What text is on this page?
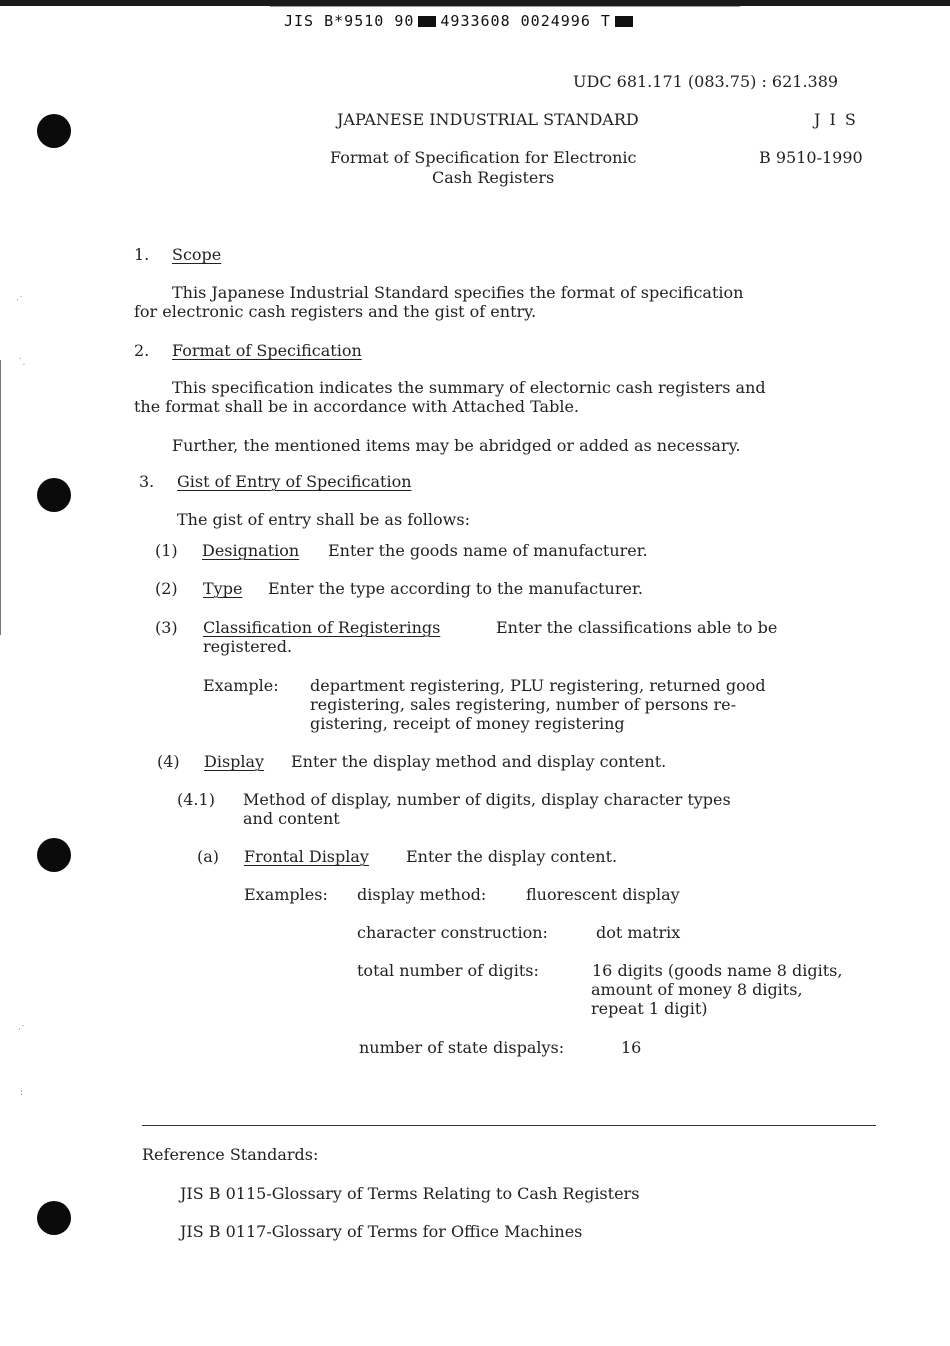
·˙
˙.
·˙
:
JIS B*9510 90 4933608 0024996 T
UDC 681.171 (083.75) : 621.389
JAPANESE INDUSTRIAL STANDARD	J I S
Format of Specification for Electronic
Cash Registers
B 9510-1990
1. Scope
This Japanese Industrial Standard specifies the format of specification
for electronic cash registers and the gist of entry.
2. Format of Specification
This specification indicates the summary of electornic cash registers and
the format shall be in accordance with Attached Table.
Further, the mentioned items may be abridged or added as necessary.
3. Gist of Entry of Specification
The gist of entry shall be as follows:
(1) Designation Enter the goods name of manufacturer.
(2) Type Enter the type according to the manufacturer.
(3) Classification of Registerings	Enter the classifications able to be
registered.
Example: department registering, PLU registering, returned good
registering, sales registering, number of persons re-
gistering, receipt of money registering
(4) Display Enter the display method and display content.
(4.1) Method of display, number of digits, display character types
and content
(a) Frontal Display Enter the display content.
Examples: display method: fluorescent display
character construction:	dot matrix
total number of digits:	16 digits (goods name 8 digits,
amount of money 8 digits,
repeat 1 digit)
number of state dispalys:	16
Reference Standards:
JIS B 0115-Glossary of Terms Relating to Cash Registers
JIS B 0117-Glossary of Terms for Office Machines
